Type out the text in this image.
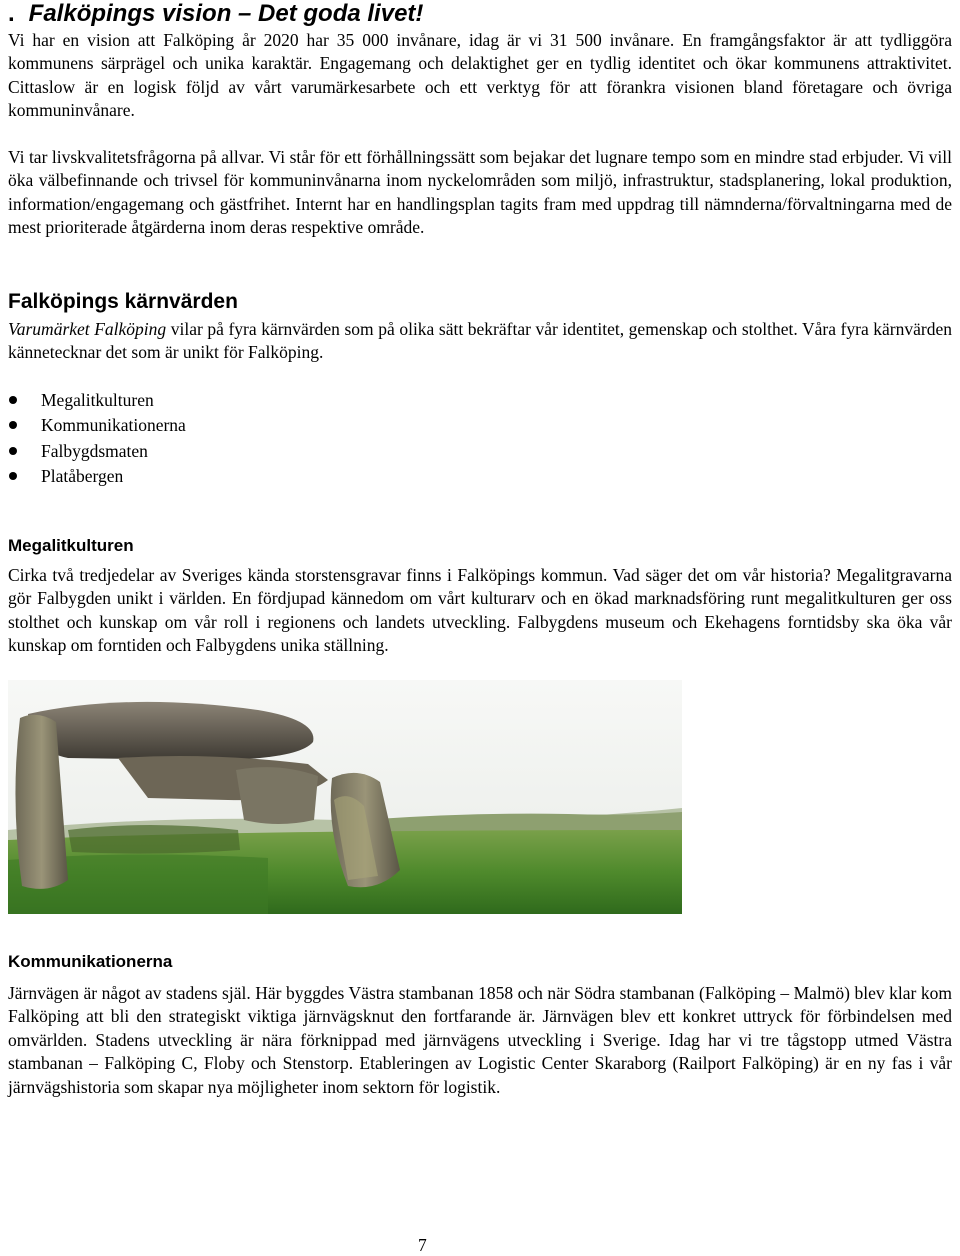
. Falköpings vision – Det goda livet!

Vi har en vision att Falköping år 2020 har 35 000 invånare, idag är vi 31 500 invånare. En framgångsfaktor är att tydliggöra kommunens särprägel och unika karaktär. Engagemang och delaktighet ger en tydlig identitet och ökar kommunens attraktivitet. Cittaslow är en logisk följd av vårt varumärkesarbete och ett verktyg för att förankra visionen bland företagare och övriga kommuninvånare.

Vi tar livskvalitetsfrågorna på allvar. Vi står för ett förhållningssätt som bejakar det lugnare tempo som en mindre stad erbjuder. Vi vill öka välbefinnande och trivsel för kommuninvånarna inom nyckelområden som miljö, infrastruktur, stadsplanering, lokal produktion, information/engagemang och gästfrihet. Internt har en handlingsplan tagits fram med uppdrag till nämnderna/förvaltningarna med de mest prioriterade åtgärderna inom deras respektive område.

Falköpings kärnvärden

Varumärket Falköping vilar på fyra kärnvärden som på olika sätt bekräftar vår identitet, gemenskap och stolthet. Våra fyra kärnvärden kännetecknar det som är unikt för Falköping.

Megalitkulturen
Kommunikationerna
Falbygdsmaten
Platåbergen
Megalitkulturen

Cirka två tredjedelar av Sveriges kända storstensgravar finns i Falköpings kommun. Vad säger det om vår historia? Megalitgravarna gör Falbygden unikt i världen. En fördjupad kännedom om vårt kulturarv och en ökad marknadsföring runt megalitkulturen ger oss stolthet och kunskap om vår roll i regionens och landets utveckling. Falbygdens museum och Ekehagens forntidsby ska öka vår kunskap om forntiden och Falbygdens unika ställning.

Kommunikationerna

Järnvägen är något av stadens själ. Här byggdes Västra stambanan 1858 och när Södra stambanan (Falköping – Malmö) blev klar kom Falköping att bli den strategiskt viktiga järnvägsknut den fortfarande är. Järnvägen blev ett konkret uttryck för förbindelsen med omvärlden. Stadens utveckling är nära förknippad med järnvägens utveckling i Sverige. Idag har vi tre tågstopp utmed Västra stambanan – Falköping C, Floby och Stenstorp. Etableringen av Logistic Center Skaraborg (Railport Falköping) är en ny fas i vår järnvägshistoria som skapar nya möjligheter inom sektorn för logistik.

7
